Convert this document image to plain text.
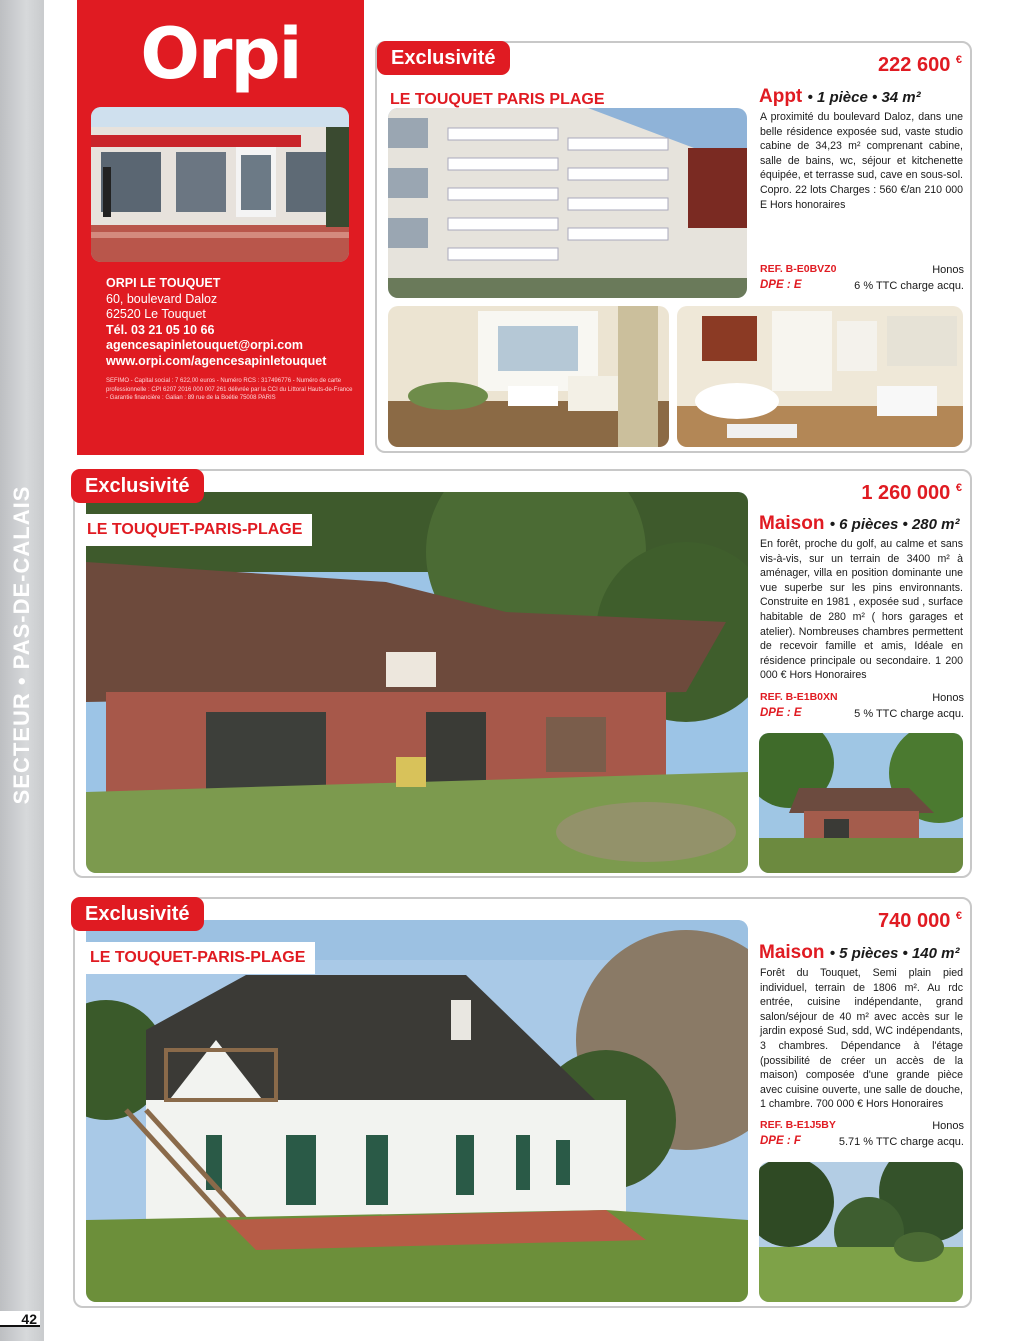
SECTEUR • PAS-DE-CALAIS
42
Orpi
ORPI LE TOUQUET
60, boulevard Daloz
62520 Le Touquet
Tél. 03 21 05 10 66
agencesapinletouquet@orpi.com
www.orpi.com/agencesapinletouquet
SEFIMO - Capital social : 7 622,00 euros - Numéro RCS : 317496776 - Numéro de carte professionnelle : CPI 6207 2016 000 007 261 délivrée par la CCI du Littoral Hauts-de-France - Garantie financière : Galian : 89 rue de la Boétie 75008 PARIS
Exclusivité
LE TOUQUET PARIS PLAGE
222 600 €
Appt • 1 pièce • 34 m²
A proximité du boulevard Daloz, dans une belle résidence exposée sud, vaste studio cabine de 34,23 m² comprenant cabine, salle de bains, wc, séjour et kitchenette équipée, et terrasse sud, cave en sous-sol. Copro. 22 lots Charges : 560 €/an 210 000 E Hors honoraires
REF. B-E0BVZ0
DPE : E
Honos
6 % TTC charge acqu.
Exclusivité
LE TOUQUET-PARIS-PLAGE
1 260 000 €
Maison • 6 pièces • 280 m²
En forêt, proche du golf, au calme et sans vis-à-vis, sur un terrain de 3400 m² à aménager, villa en position dominante une vue superbe sur les pins environnants. Construite en 1981 , exposée sud , surface habitable de 280 m² ( hors garages et atelier). Nombreuses chambres permettent de recevoir famille et amis, Idéale en résidence principale ou secondaire. 1 200 000 € Hors Honoraires
REF. B-E1B0XN
DPE : E
Honos
5 % TTC charge acqu.
Exclusivité
LE TOUQUET-PARIS-PLAGE
740 000 €
Maison • 5 pièces • 140 m²
Forêt du Touquet, Semi plain pied individuel, terrain de 1806 m². Au rdc entrée, cuisine indépendante, grand salon/séjour de 40 m² avec accès sur le jardin exposé Sud, sdd, WC indépendants, 3 chambres. Dépendance à l'étage (possibilité de créer un accès de la maison) composée d'une grande pièce avec cuisine ouverte, une salle de douche, 1 chambre. 700 000 € Hors Honoraires
REF. B-E1J5BY
DPE : F
Honos
5.71 % TTC charge acqu.
